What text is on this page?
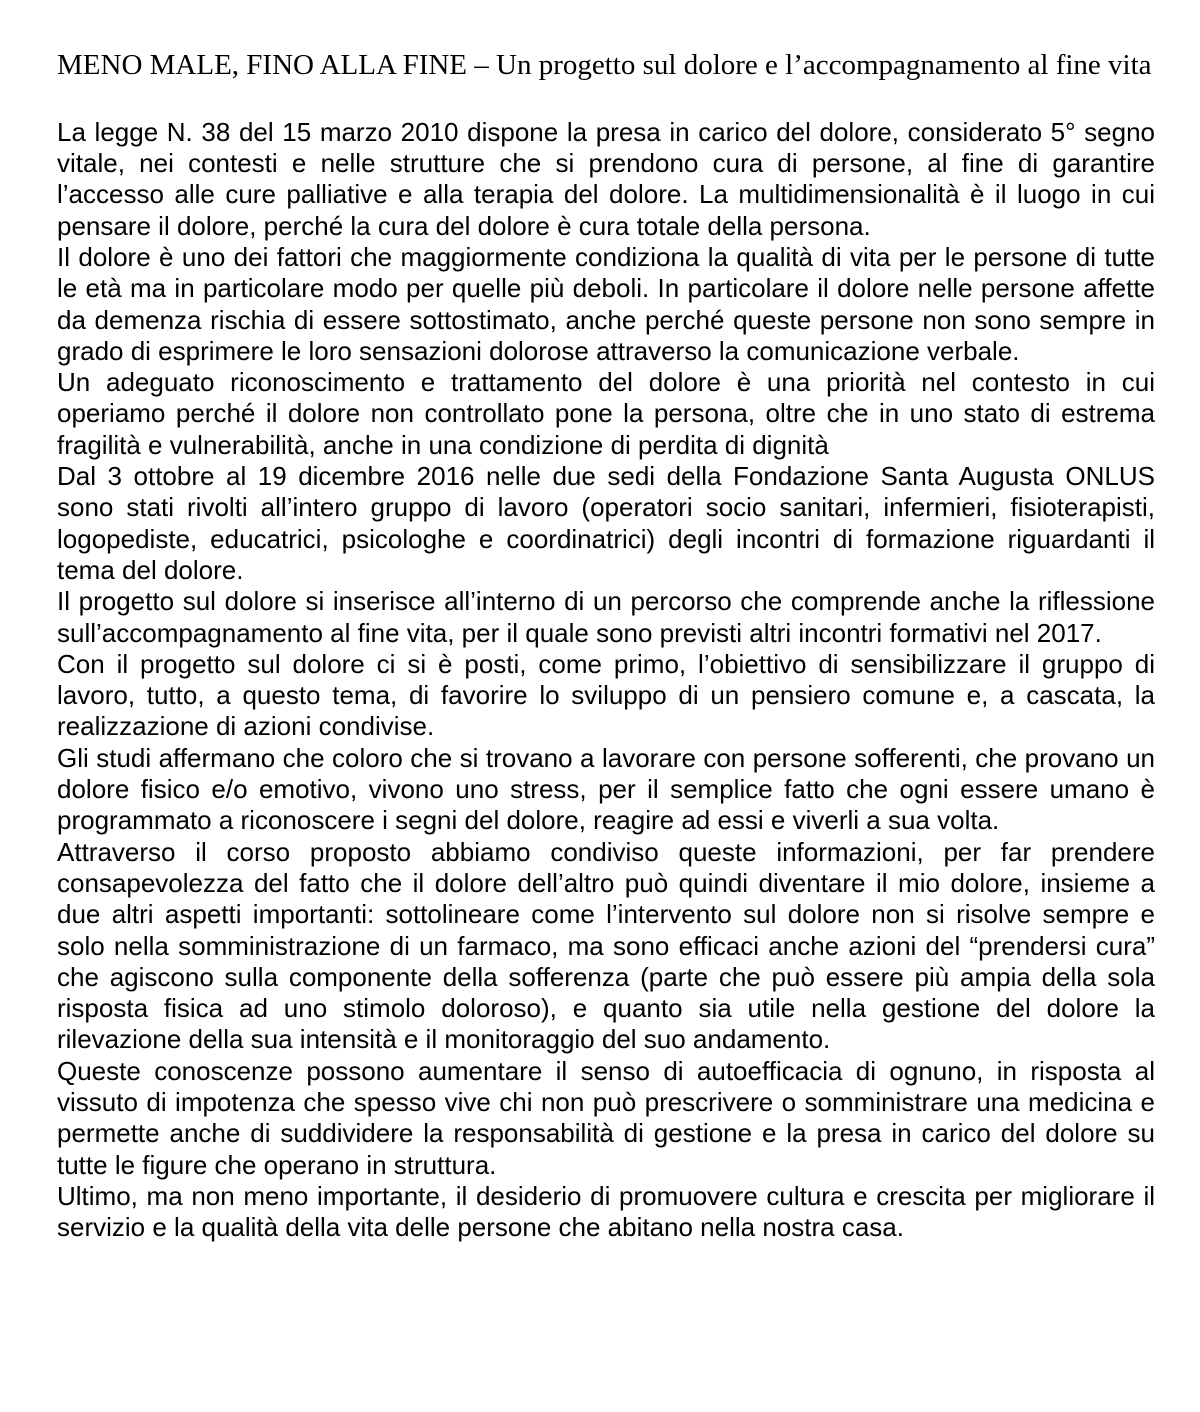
MENO MALE, FINO ALLA FINE – Un progetto sul dolore e l’accompagnamento al fine vita

La legge N. 38 del 15 marzo 2010 dispone la presa in carico del dolore, considerato 5° segno vitale, nei contesti e nelle strutture che si prendono cura di persone, al fine di garantire l’accesso alle cure palliative e alla terapia del dolore. La multidimensionalità è il luogo in cui pensare il dolore, perché la cura del dolore è cura totale della persona.

Il dolore è uno dei fattori che maggiormente condiziona la qualità di vita per le persone di tutte le età ma in particolare modo per quelle più deboli. In particolare il dolore nelle persone affette da demenza rischia di essere sottostimato, anche perché queste persone non sono sempre in grado di esprimere le loro sensazioni dolorose attraverso la comunicazione verbale.

Un adeguato riconoscimento e trattamento del dolore è una priorità nel contesto in cui operiamo perché il dolore non controllato pone la persona, oltre che in uno stato di estrema fragilità e vulnerabilità, anche in una condizione di perdita di dignità

Dal 3 ottobre al 19 dicembre 2016 nelle due sedi della Fondazione Santa Augusta ONLUS sono stati rivolti all’intero gruppo di lavoro (operatori socio sanitari, infermieri, fisioterapisti, logopediste, educatrici, psicologhe e coordinatrici) degli incontri di formazione riguardanti il tema del dolore.

Il progetto sul dolore si inserisce all’interno di un percorso che comprende anche la riflessione sull’accompagnamento al fine vita, per il quale sono previsti altri incontri formativi nel 2017.

Con il progetto sul dolore ci si è posti, come primo, l’obiettivo di sensibilizzare il gruppo di lavoro, tutto, a questo tema, di favorire lo sviluppo di un pensiero comune e, a cascata, la realizzazione di azioni condivise.

Gli studi affermano che coloro che si trovano a lavorare con persone sofferenti, che provano un dolore fisico e/o emotivo, vivono uno stress, per il semplice fatto che ogni essere umano è programmato a riconoscere i segni del dolore, reagire ad essi e viverli a sua volta.

Attraverso il corso proposto abbiamo condiviso queste informazioni, per far prendere consapevolezza del fatto che il dolore dell’altro può quindi diventare il mio dolore, insieme a due altri aspetti importanti: sottolineare come l’intervento sul dolore non si risolve sempre e solo nella somministrazione di un farmaco, ma sono efficaci anche azioni del “prendersi cura” che agiscono sulla componente della sofferenza (parte che può essere più ampia della sola risposta fisica ad uno stimolo doloroso), e quanto sia utile nella gestione del dolore la rilevazione della sua intensità e il monitoraggio del suo andamento.

Queste conoscenze possono aumentare il senso di autoefficacia di ognuno, in risposta al vissuto di impotenza che spesso vive chi non può prescrivere o somministrare una medicina e permette anche di suddividere la responsabilità di gestione e la presa in carico del dolore su tutte le figure che operano in struttura.

Ultimo, ma non meno importante, il desiderio di promuovere cultura e crescita per migliorare il servizio e la qualità della vita delle persone che abitano nella nostra casa.
